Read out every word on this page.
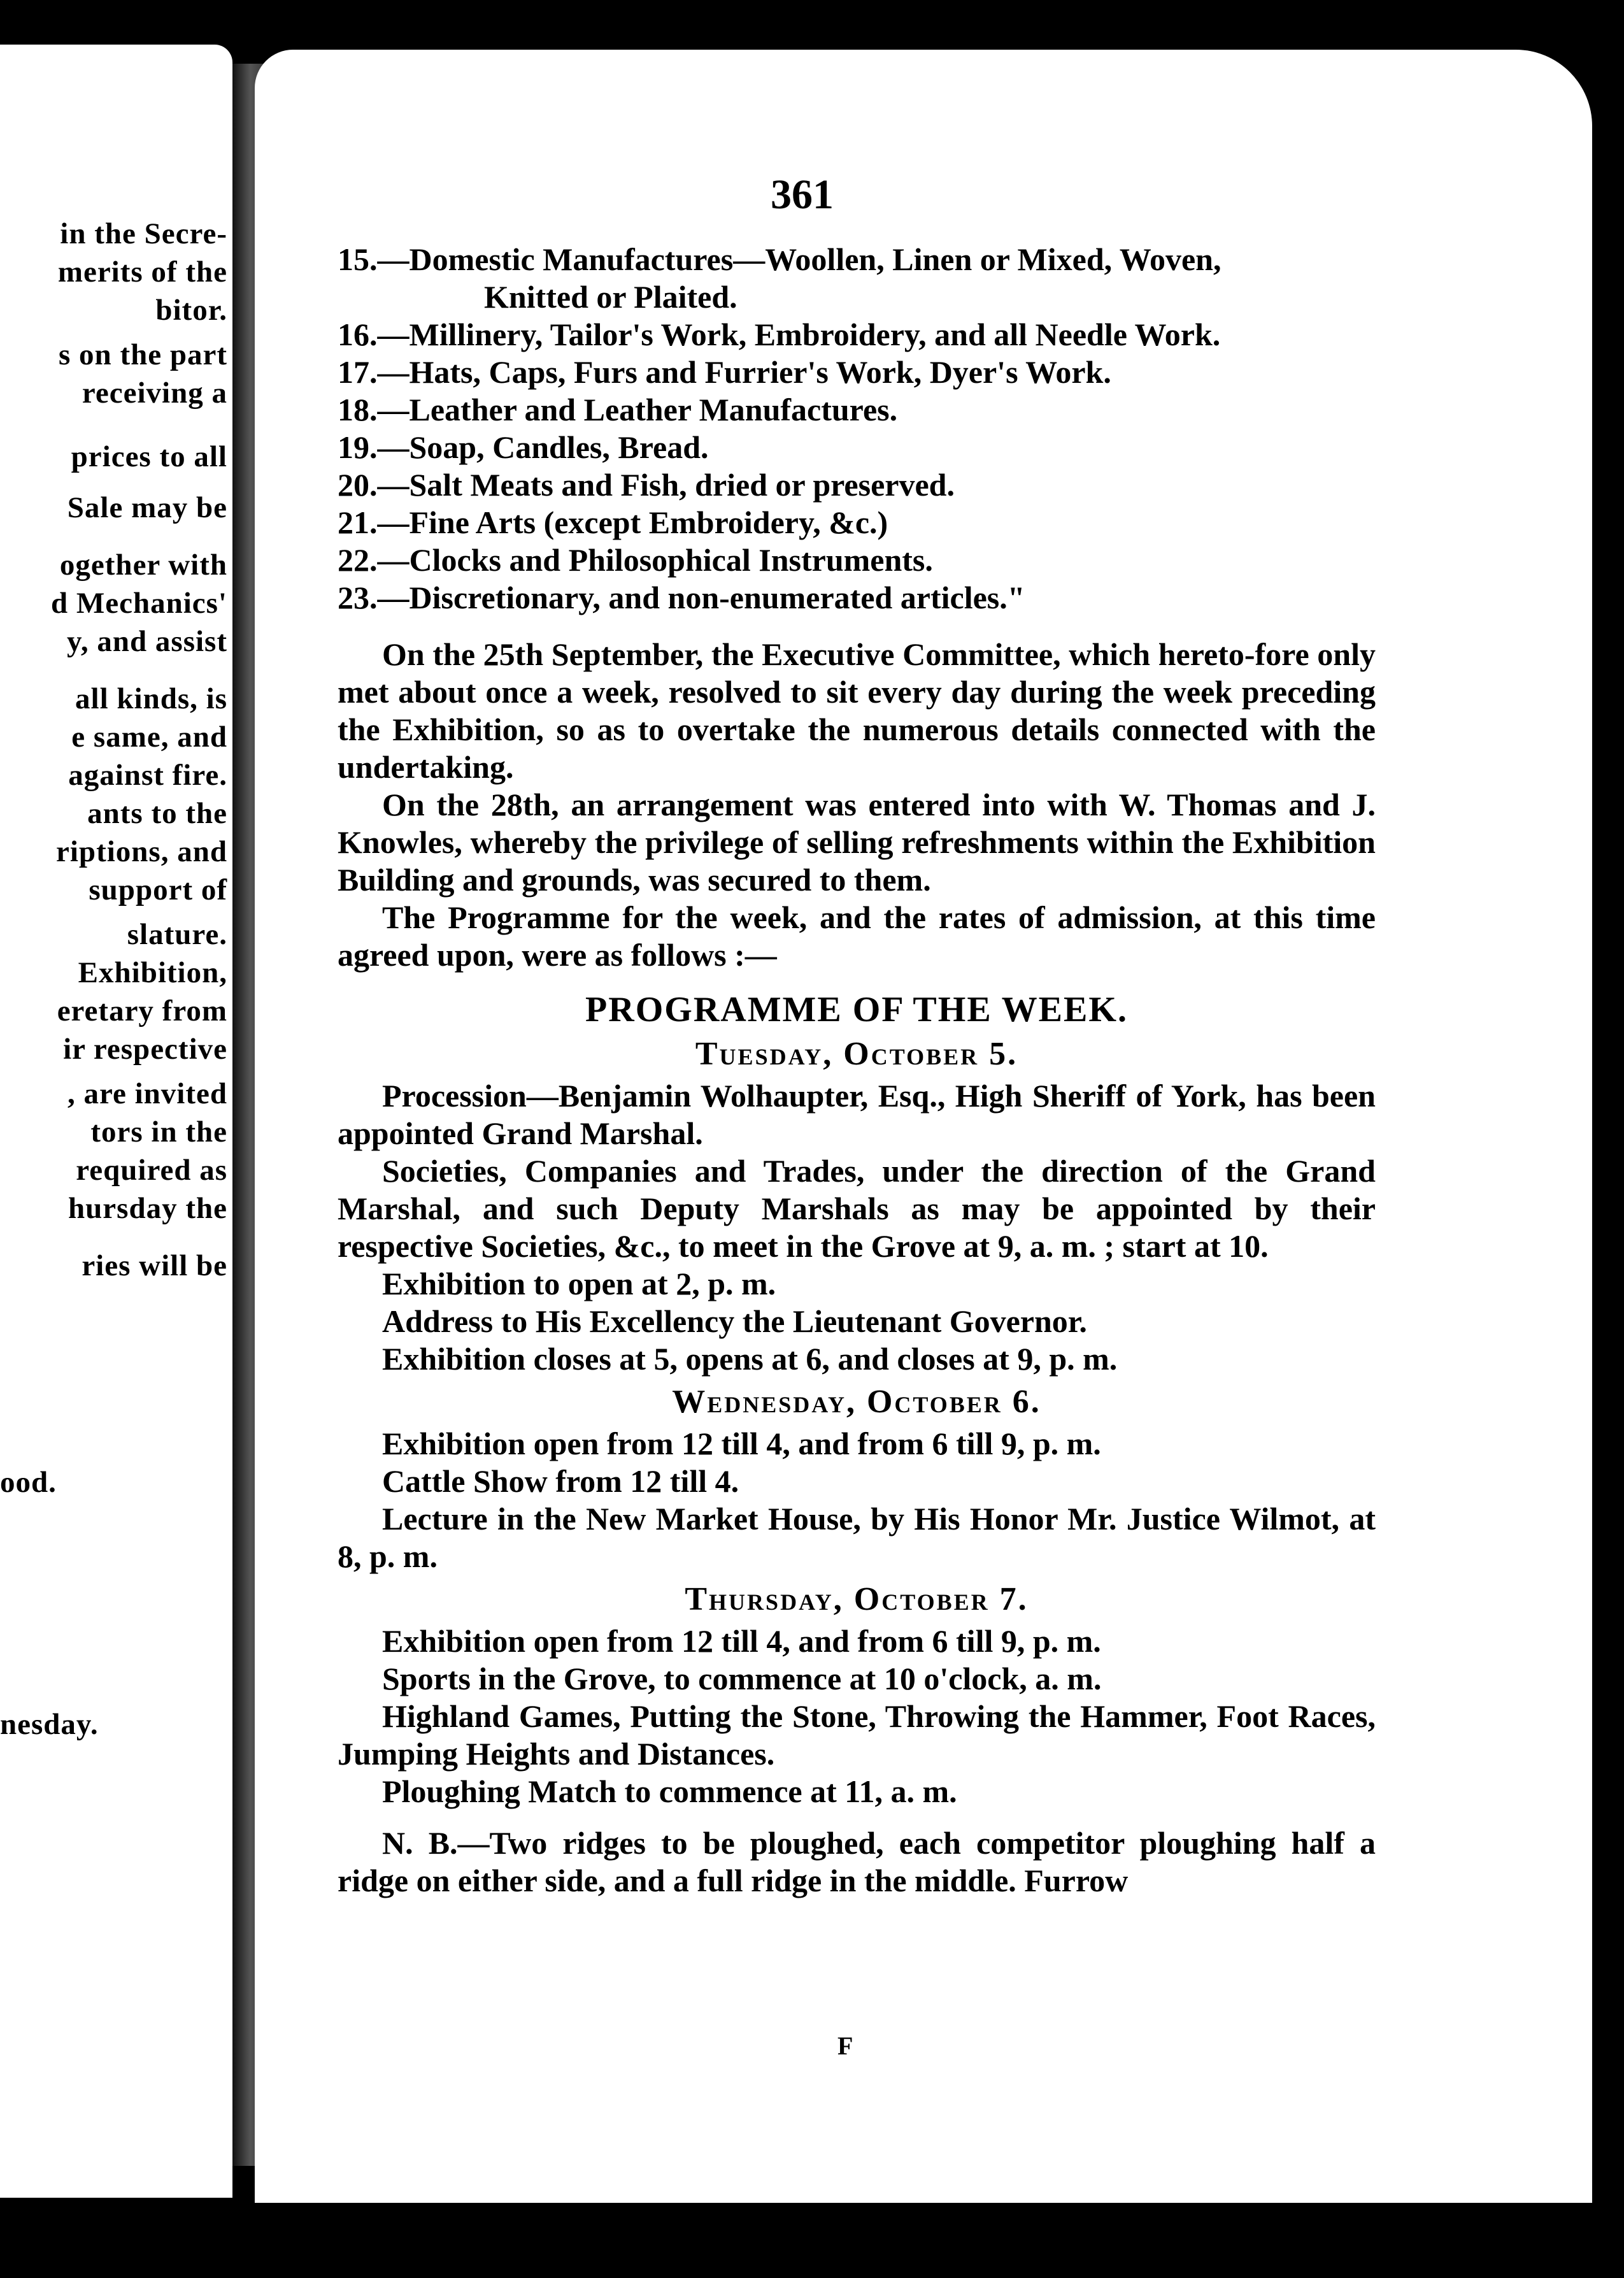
in the Secre-
merits of the
bitor.
s on the part
receiving a
prices to all
Sale may be
ogether with
d Mechanics'
y, and assist
all kinds, is
e same, and
against fire.
ants to the
riptions, and
support of
slature.
Exhibition,
eretary from
ir respective
, are invited
tors in the
required as
hursday the
ries will be
ood.
nesday.
361
15.—Domestic Manufactures—Woollen, Linen or Mixed, Woven,
Knitted or Plaited.
16.—Millinery, Tailor's Work, Embroidery, and all Needle Work.
17.—Hats, Caps, Furs and Furrier's Work, Dyer's Work.
18.—Leather and Leather Manufactures.
19.—Soap, Candles, Bread.
20.—Salt Meats and Fish, dried or preserved.
21.—Fine Arts (except Embroidery, &c.)
22.—Clocks and Philosophical Instruments.
23.—Discretionary, and non-enumerated articles."

On the 25th September, the Executive Committee, which hereto-fore only met about once a week, resolved to sit every day during the week preceding the Exhibition, so as to overtake the numerous details connected with the undertaking.

On the 28th, an arrangement was entered into with W. Thomas and J. Knowles, whereby the privilege of selling refreshments within the Exhibition Building and grounds, was secured to them.

The Programme for the week, and the rates of admission, at this time agreed upon, were as follows :—

PROGRAMME OF THE WEEK.
Tuesday, October 5.

Procession—Benjamin Wolhaupter, Esq., High Sheriff of York, has been appointed Grand Marshal.

Societies, Companies and Trades, under the direction of the Grand Marshal, and such Deputy Marshals as may be appointed by their respective Societies, &c., to meet in the Grove at 9, a. m. ; start at 10.

Exhibition to open at 2, p. m.

Address to His Excellency the Lieutenant Governor.

Exhibition closes at 5, opens at 6, and closes at 9, p. m.

Wednesday, October 6.

Exhibition open from 12 till 4, and from 6 till 9, p. m.

Cattle Show from 12 till 4.

Lecture in the New Market House, by His Honor Mr. Justice Wilmot, at 8, p. m.

Thursday, October 7.

Exhibition open from 12 till 4, and from 6 till 9, p. m.

Sports in the Grove, to commence at 10 o'clock, a. m.

Highland Games, Putting the Stone, Throwing the Hammer, Foot Races, Jumping Heights and Distances.

Ploughing Match to commence at 11, a. m.

N. B.—Two ridges to be ploughed, each competitor ploughing half a ridge on either side, and a full ridge in the middle. Furrow

F
